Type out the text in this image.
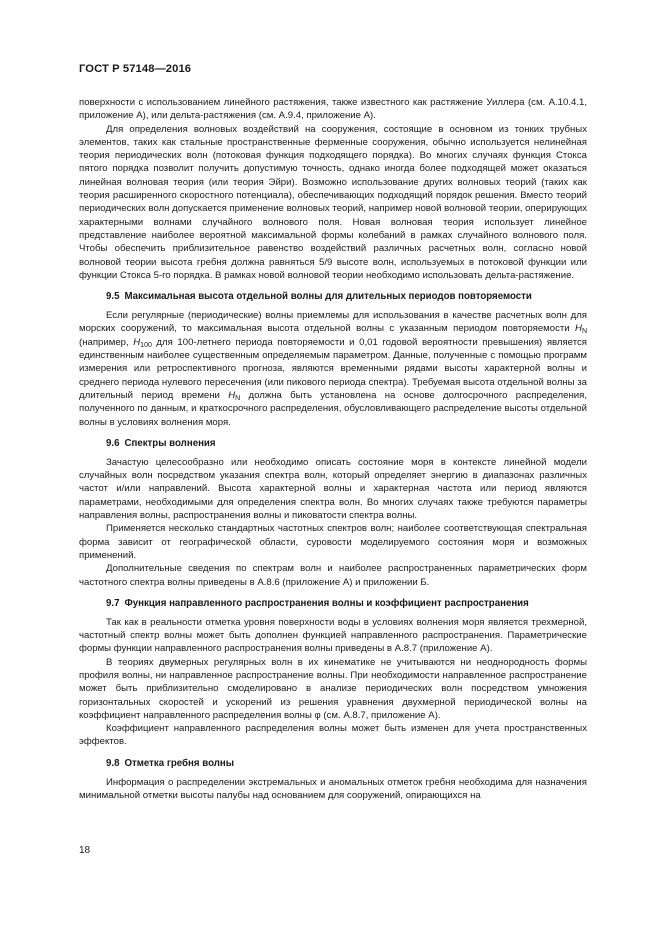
ГОСТ Р 57148—2016

поверхности с использованием линейного растяжения, также известного как растяжение Уиллера (см. А.10.4.1, приложение А), или дельта-растяжения (см. А.9.4, приложение А).

Для определения волновых воздействий на сооружения, состоящие в основном из тонких трубных элементов, таких как стальные пространственные ферменные сооружения, обычно используется нелинейная теория периодических волн (потоковая функция подходящего порядка). Во многих случаях функция Стокса пятого порядка позволит получить допустимую точность, однако иногда более подходящей может оказаться линейная волновая теория (или теория Эйри). Возможно использование других волновых теорий (таких как теория расширенного скоростного потенциала), обеспечивающих подходящий порядок решения. Вместо теорий периодических волн допускается применение волновых теорий, например новой волновой теории, оперирующих характерными волнами случайного волнового поля. Новая волновая теория использует линейное представление наиболее вероятной максимальной формы колебаний в рамках случайного волнового поля. Чтобы обеспечить приблизительное равенство воздействий различных расчетных волн, согласно новой волновой теории высота гребня должна равняться 5/9 высоте волн, используемых в потоковой функции или функции Стокса 5-го порядка. В рамках новой волновой теории необходимо использовать дельта-растяжение.

9.5 Максимальная высота отдельной волны для длительных периодов повторяемости

Если регулярные (периодические) волны приемлемы для использования в качестве расчетных волн для морских сооружений, то максимальная высота отдельной волны с указанным периодом повторяемости $H_N$ (например, $H_{100}$ для 100-летнего периода повторяемости и 0,01 годовой вероятности превышения) является единственным наиболее существенным определяемым параметром. Данные, полученные с помощью программ измерения или ретроспективного прогноза, являются временными рядами высоты характерной волны и среднего периода нулевого пересечения (или пикового периода спектра). Требуемая высота отдельной волны за длительный период времени $H_N$ должна быть установлена на основе долгосрочного распределения, полученного по данным, и краткосрочного распределения, обусловливающего распределение высоты отдельной волны в условиях волнения моря.

9.6 Спектры волнения

Зачастую целесообразно или необходимо описать состояние моря в контексте линейной модели случайных волн посредством указания спектра волн, который определяет энергию в диапазонах различных частот и/или направлений. Высота характерной волны и характерная частота или период являются параметрами, необходимыми для определения спектра волн. Во многих случаях также требуются параметры направления волны, распространения волны и пиковатости спектра волны.

Применяется несколько стандартных частотных спектров волн; наиболее соответствующая спектральная форма зависит от географической области, суровости моделируемого состояния моря и возможных применений.

Дополнительные сведения по спектрам волн и наиболее распространенных параметрических форм частотного спектра волны приведены в А.8.6 (приложение А) и приложении Б.

9.7 Функция направленного распространения волны и коэффициент распространения

Так как в реальности отметка уровня поверхности воды в условиях волнения моря является трехмерной, частотный спектр волны может быть дополнен функцией направленного распространения. Параметрические формы функции направленного распространения волны приведены в А.8.7 (приложение А).

В теориях двумерных регулярных волн в их кинематике не учитываются ни неоднородность формы профиля волны, ни направленное распространение волны. При необходимости направленное распространение может быть приблизительно смоделировано в анализе периодических волн посредством умножения горизонтальных скоростей и ускорений из решения уравнения двухмерной периодической волны на коэффициент направленного распределения волны φ (см. А.8.7, приложение А).

Коэффициент направленного распределения волны может быть изменен для учета пространственных эффектов.

9.8 Отметка гребня волны

Информация о распределении экстремальных и аномальных отметок гребня необходима для назначения минимальной отметки высоты палубы над основанием для сооружений, опирающихся на

18
